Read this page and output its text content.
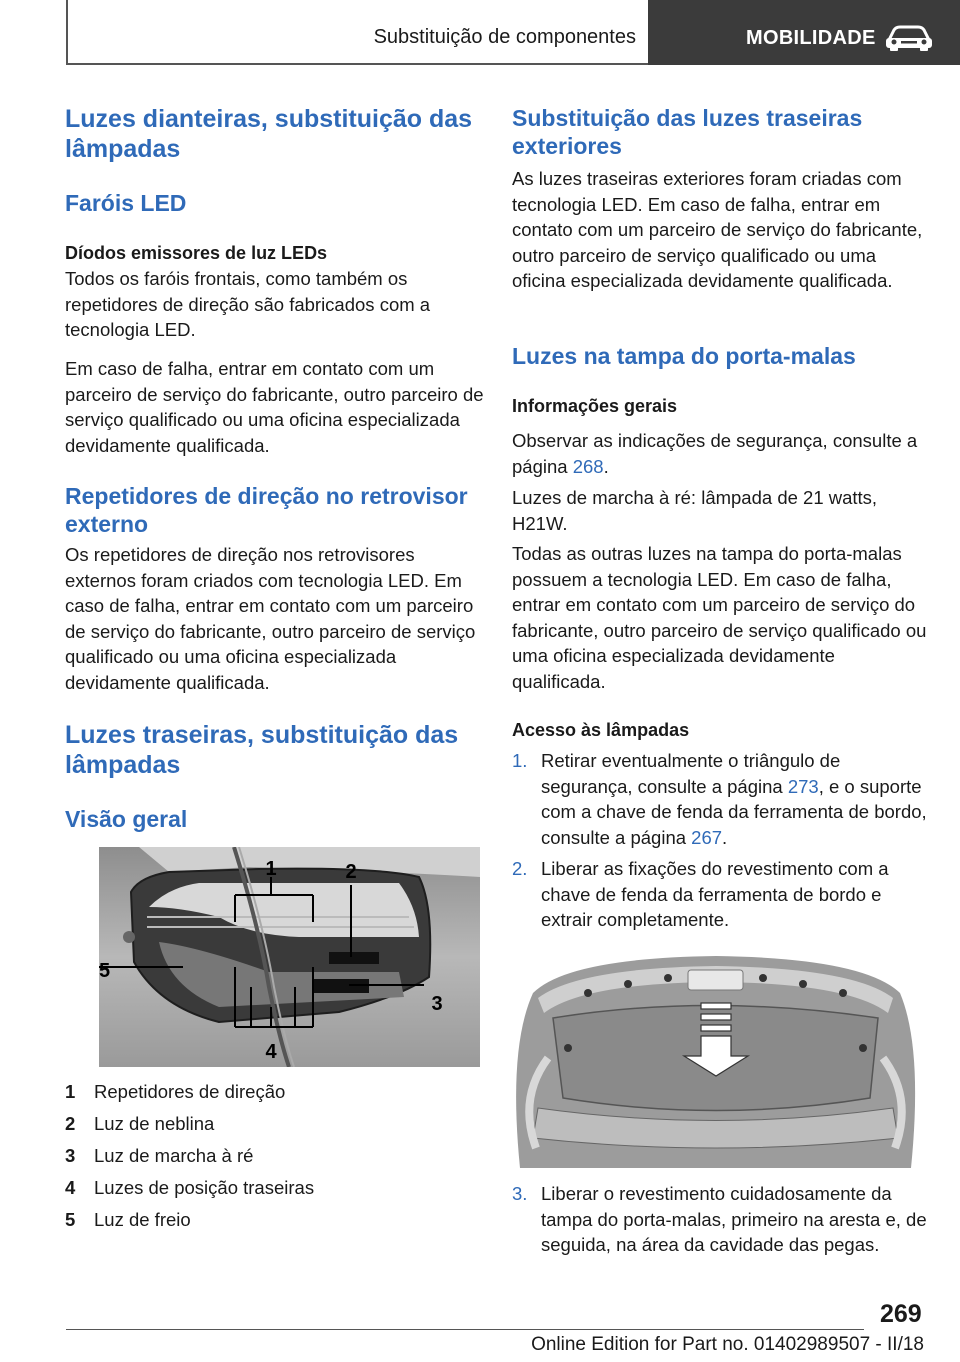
Substituição de componentes	MOBILIDADE
Luzes dianteiras, substituição das lâmpadas
Faróis LED
Díodos emissores de luz LEDs

Todos os faróis frontais, como também os repetidores de direção são fabricados com a tecnologia LED.

Em caso de falha, entrar em contato com um parceiro de serviço do fabricante, outro parceiro de serviço qualificado ou uma oficina especializada devidamente qualificada.

Repetidores de direção no retrovisor externo

Os repetidores de direção nos retrovisores externos foram criados com tecnologia LED. Em caso de falha, entrar em contato com um parceiro de serviço do fabricante, outro parceiro de serviço qualificado ou uma oficina especializada devidamente qualificada.

Luzes traseiras, substituição das lâmpadas
Visão geral
1	2
3
4
5
1 Repetidores de direção
2 Luz de neblina
3 Luz de marcha à ré
4 Luzes de posição traseiras
5 Luz de freio
Substituição das luzes traseiras exteriores

As luzes traseiras exteriores foram criadas com tecnologia LED. Em caso de falha, entrar em contato com um parceiro de serviço do fabricante, outro parceiro de serviço qualificado ou uma oficina especializada devidamente qualificada.

Luzes na tampa do porta-malas
Informações gerais

Observar as indicações de segurança, consulte a página 268.

Luzes de marcha à ré: lâmpada de 21 watts, H21W.

Todas as outras luzes na tampa do porta-malas possuem a tecnologia LED. Em caso de falha, entrar em contato com um parceiro de serviço do fabricante, outro parceiro de serviço qualificado ou uma oficina especializada devidamente qualificada.

Acesso às lâmpadas
1. Retirar eventualmente o triângulo de segurança, consulte a página 273, e o suporte com a chave de fenda da ferramenta de bordo, consulte a página 267.
2. Liberar as fixações do revestimento com a chave de fenda da ferramenta de bordo e extrair completamente.
3. Liberar o revestimento cuidadosamente da tampa do porta-malas, primeiro na aresta e, de seguida, na área da cavidade das pegas.
269
Online Edition for Part no. 01402989507 - II/18
